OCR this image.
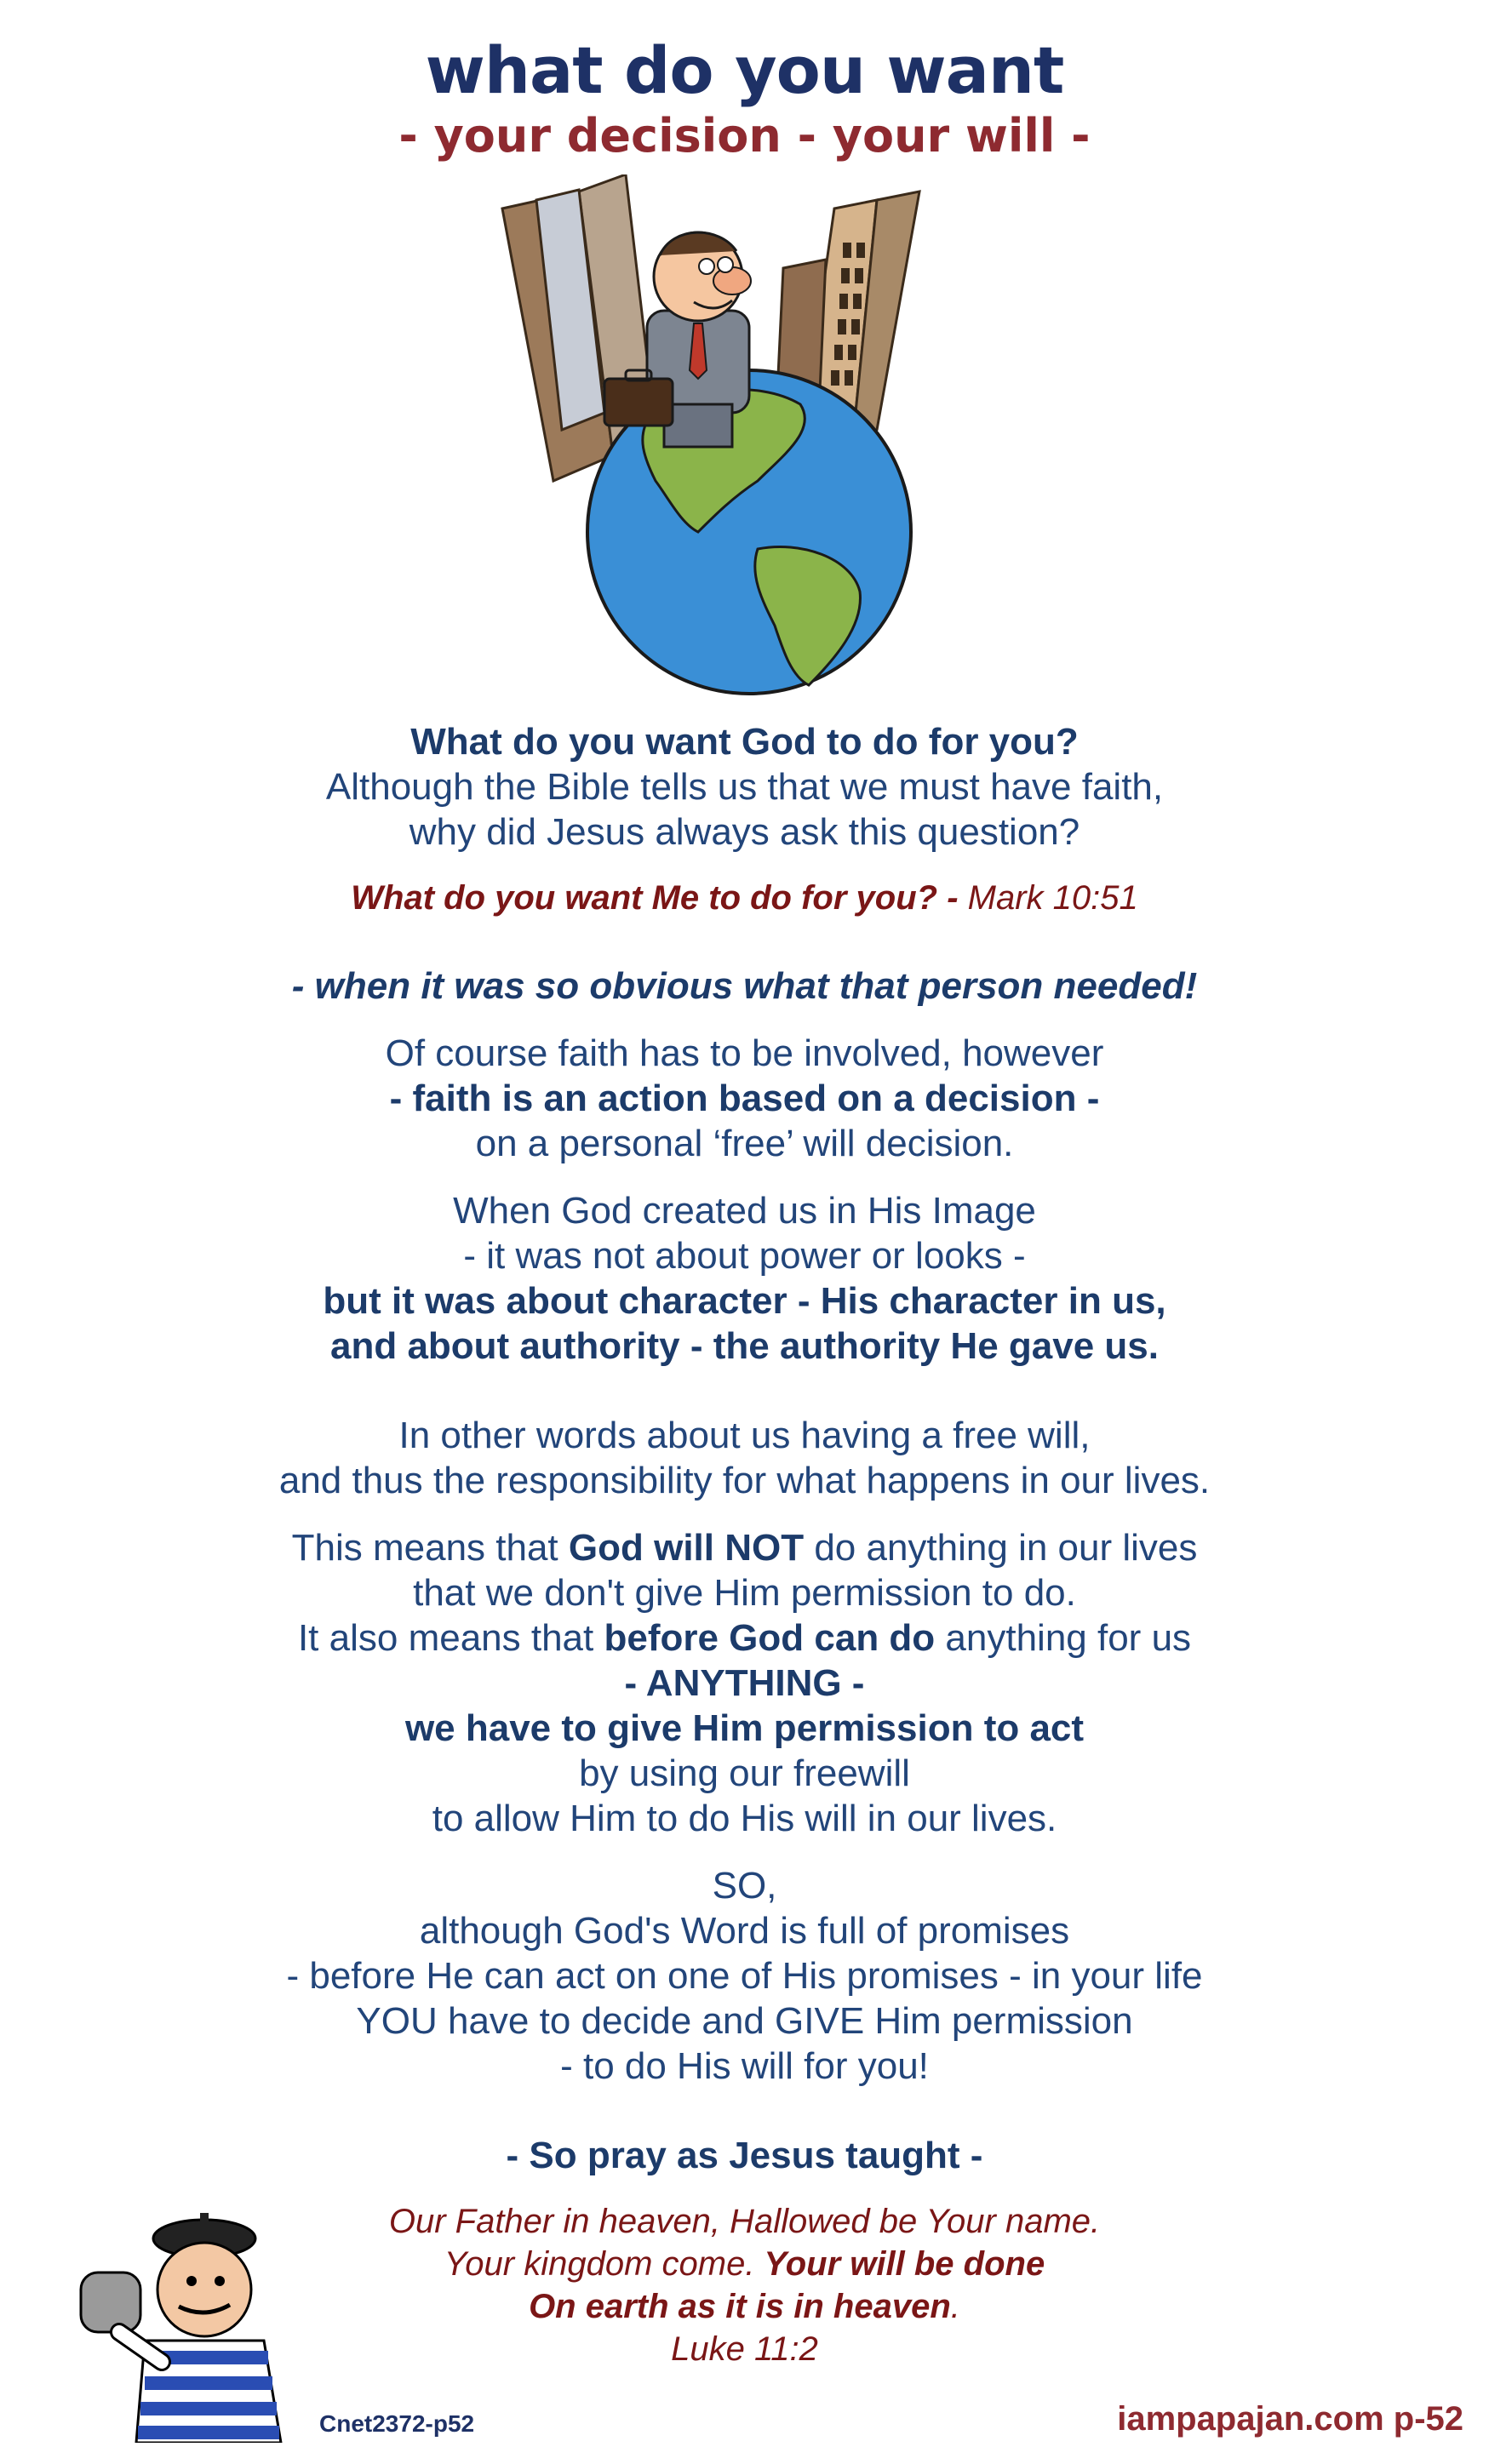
what do you want
- your decision - your will -

What do you want God to do for you?

Although the Bible tells us that we must have faith,

why did Jesus always ask this question?

What do you want Me to do for you? - Mark 10:51

- when it was so obvious what that person needed!

Of course faith has to be involved, however

- faith is an action based on a decision -

on a personal ‘free’ will decision.

When God created us in His Image

- it was not about power or looks -

but it was about character - His character in us,

and about authority - the authority He gave us.

In other words about us having a free will,

and thus the responsibility for what happens in our lives.

This means that God will NOT do anything in our lives

that we don't give Him permission to do.

It also means that before God can do anything for us

- ANYTHING -

we have to give Him permission to act

by using our freewill

to allow Him to do His will in our lives.

SO,

although God's Word is full of promises

- before He can act on one of His promises - in your life

YOU have to decide and GIVE Him permission

- to do His will for you!

- So pray as Jesus taught -

Our Father in heaven, Hallowed be Your name.

Your kingdom come. Your will be done

On earth as it is in heaven.

Luke 11:2

Cnet2372-p52	iampapajan.com p-52
